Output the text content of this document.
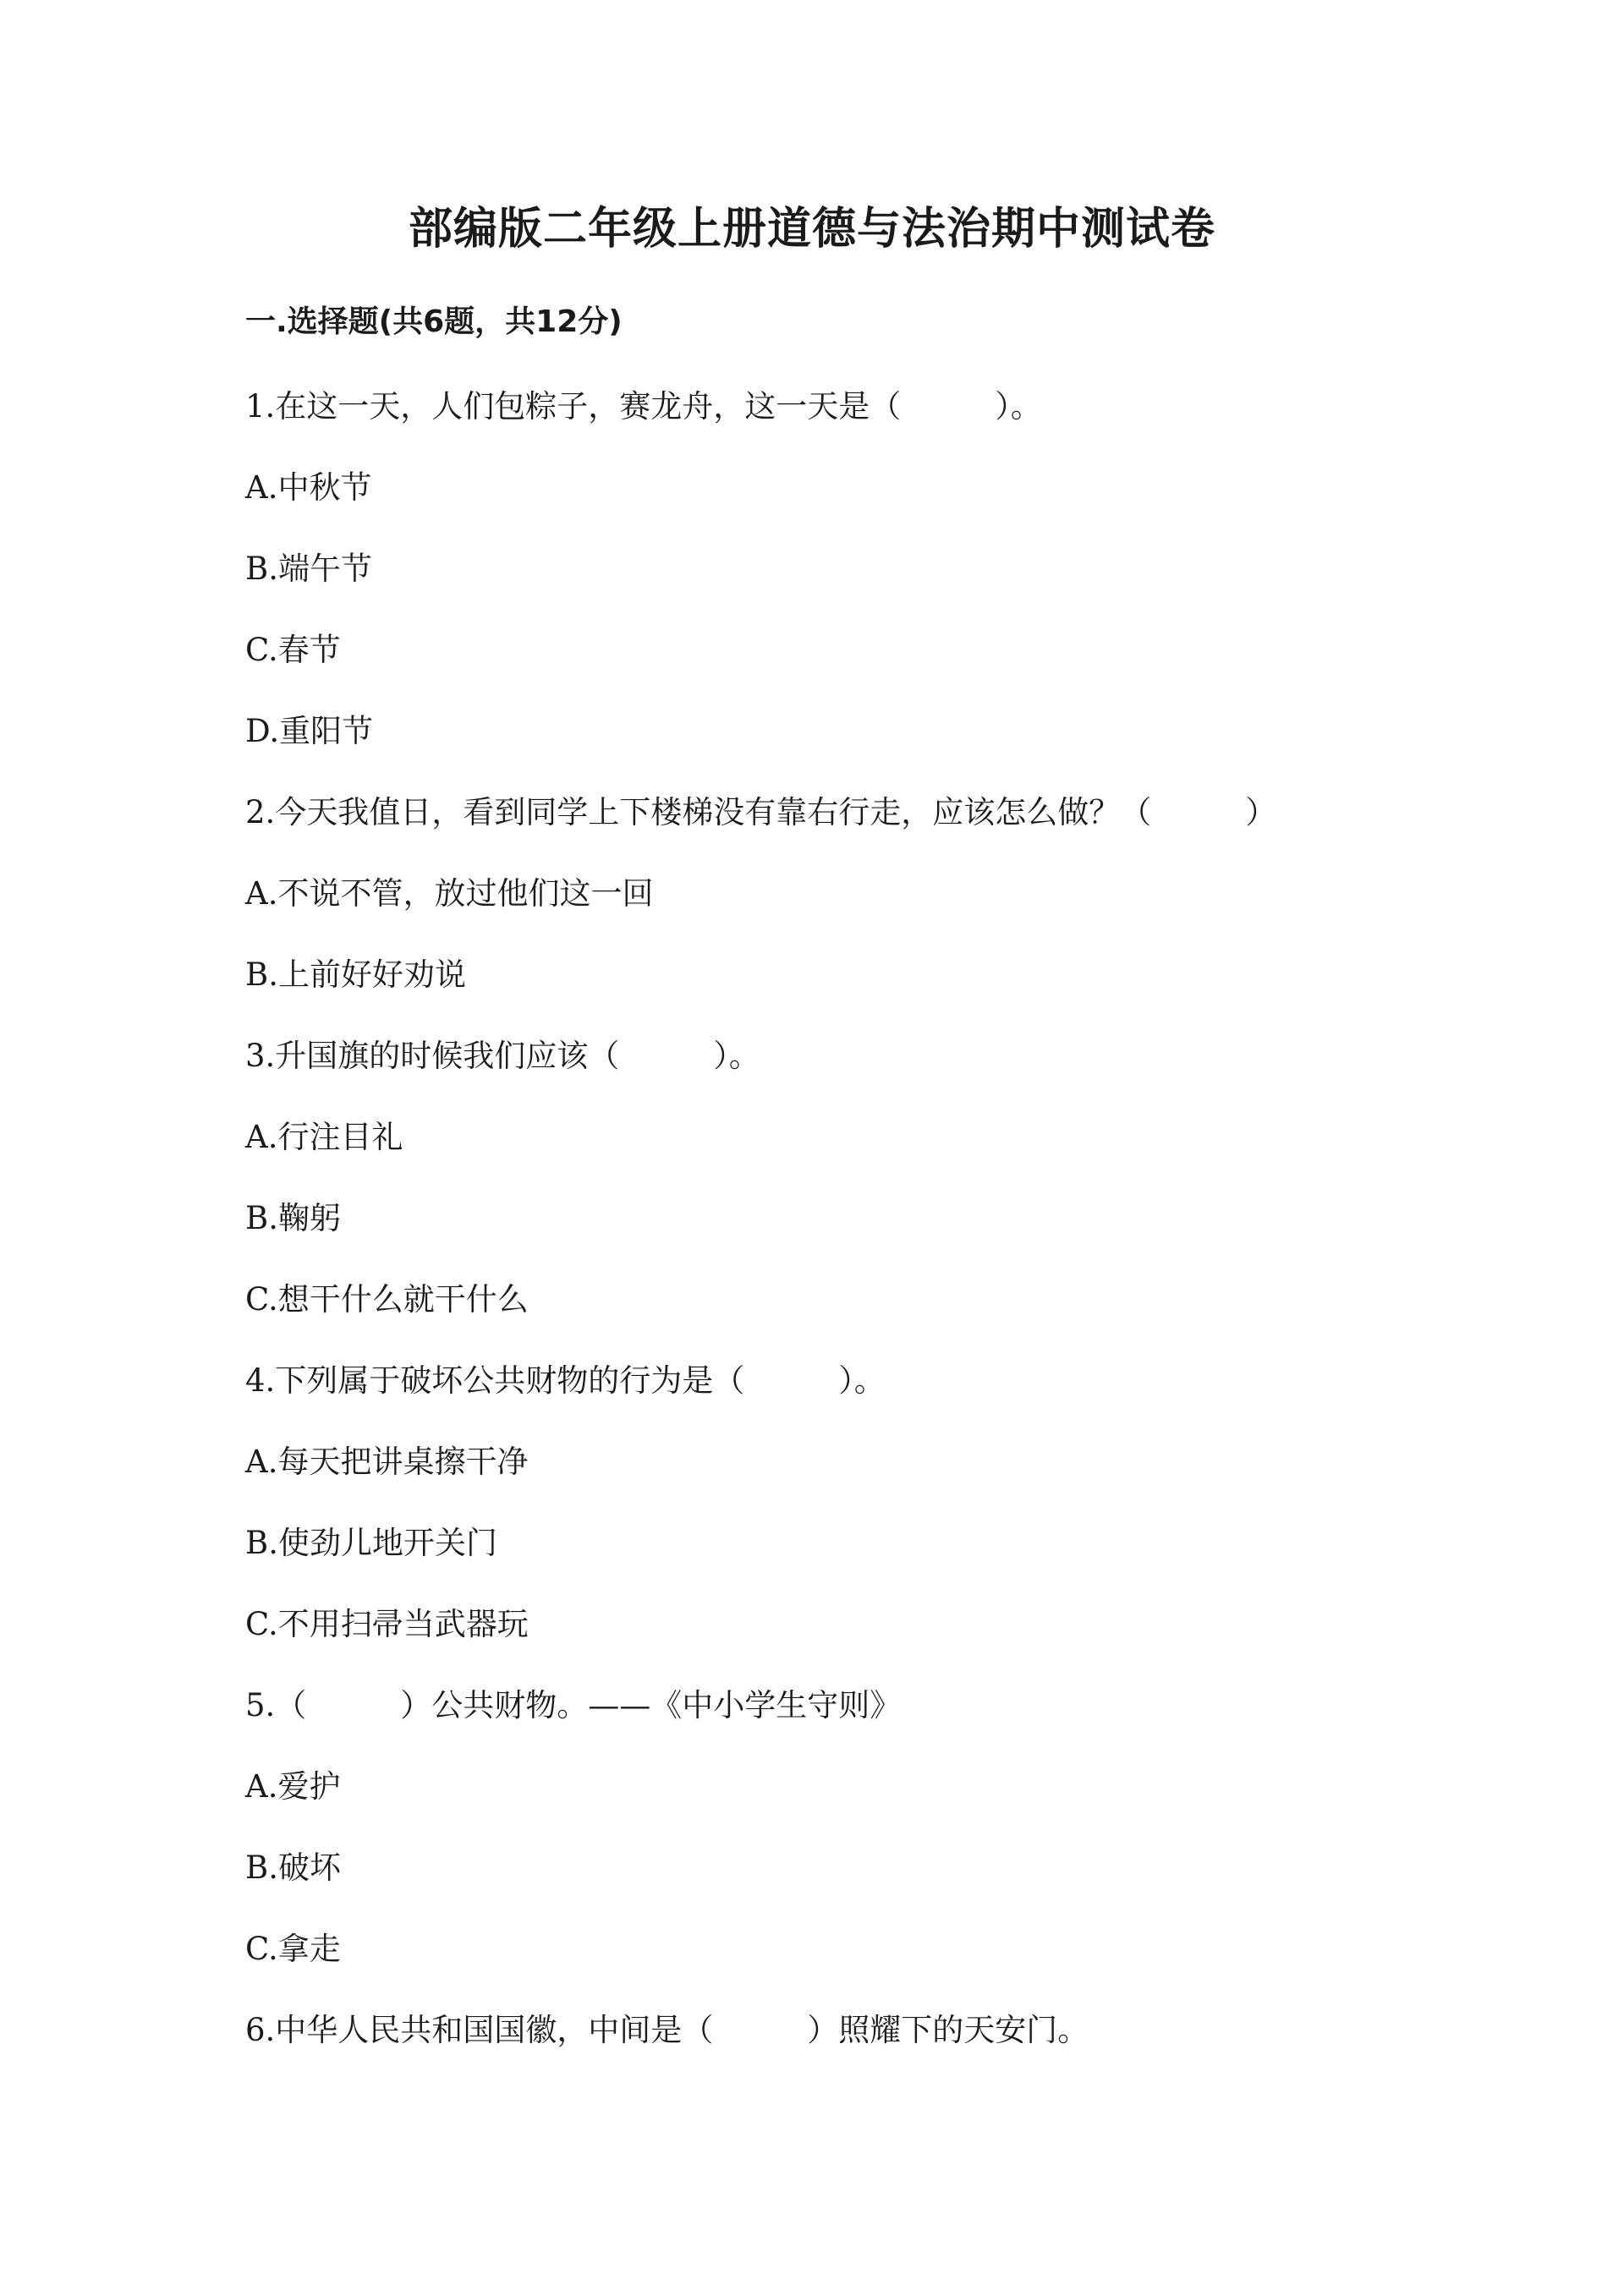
部编版二年级上册道德与法治期中测试卷
一.选择题(共6题，共12分)
1.在这一天，人们包粽子，赛龙舟，这一天是（　　　）。
A.中秋节
B.端午节
C.春节
D.重阳节
2.今天我值日，看到同学上下楼梯没有靠右行走，应该怎么做？（　　　）
A.不说不管，放过他们这一回
B.上前好好劝说
3.升国旗的时候我们应该（　　　）。
A.行注目礼
B.鞠躬
C.想干什么就干什么
4.下列属于破坏公共财物的行为是（　　　）。
A.每天把讲桌擦干净
B.使劲儿地开关门
C.不用扫帚当武器玩
5.（　　　）公共财物。——《中小学生守则》
A.爱护
B.破坏
C.拿走
6.中华人民共和国国徽，中间是（　　　）照耀下的天安门。
